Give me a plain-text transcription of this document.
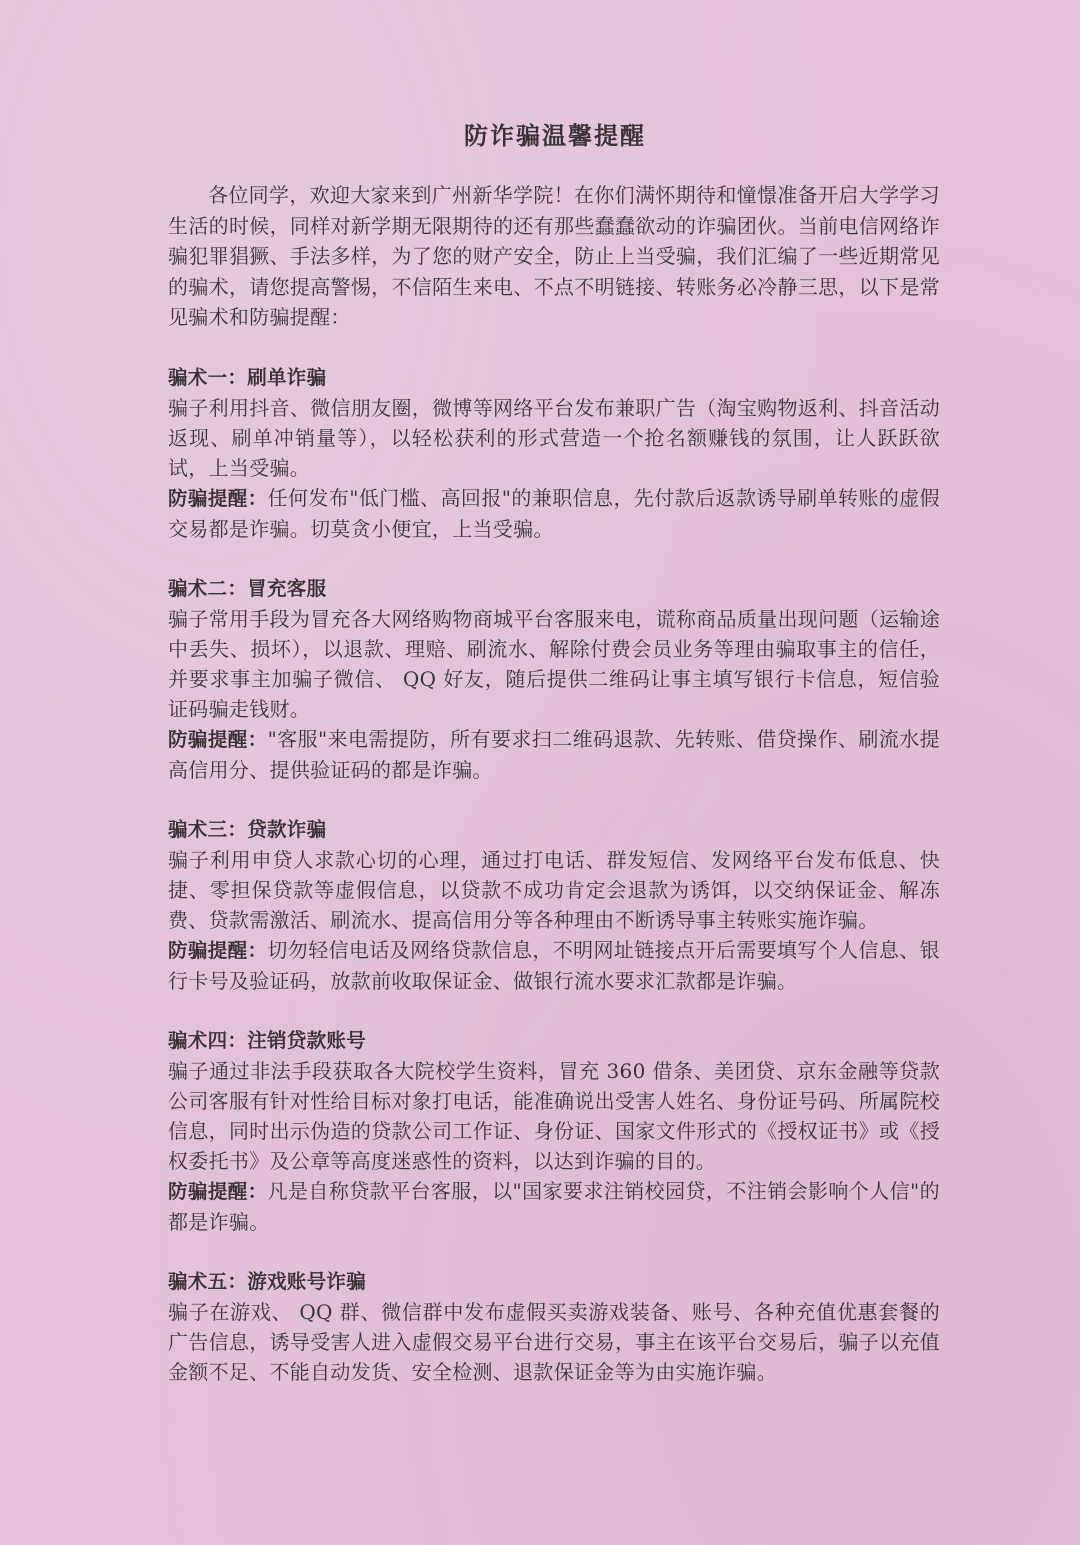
防诈骗温馨提醒

各位同学，欢迎大家来到广州新华学院！在你们满怀期待和憧憬准备开启大学学习生活的时候，同样对新学期无限期待的还有那些蠢蠢欲动的诈骗团伙。当前电信网络诈骗犯罪猖獗、手法多样，为了您的财产安全，防止上当受骗，我们汇编了一些近期常见的骗术，请您提高警惕，不信陌生来电、不点不明链接、转账务必冷静三思，以下是常见骗术和防骗提醒：

骗术一：刷单诈骗

骗子利用抖音、微信朋友圈，微博等网络平台发布兼职广告（淘宝购物返利、抖音活动返现、刷单冲销量等），以轻松获利的形式营造一个抢名额赚钱的氛围，让人跃跃欲试，上当受骗。

防骗提醒：任何发布"低门槛、高回报"的兼职信息，先付款后返款诱导刷单转账的虚假交易都是诈骗。切莫贪小便宜，上当受骗。

骗术二：冒充客服

骗子常用手段为冒充各大网络购物商城平台客服来电，谎称商品质量出现问题（运输途中丢失、损坏），以退款、理赔、刷流水、解除付费会员业务等理由骗取事主的信任，并要求事主加骗子微信、 QQ 好友，随后提供二维码让事主填写银行卡信息，短信验证码骗走钱财。

防骗提醒："客服"来电需提防，所有要求扫二维码退款、先转账、借贷操作、刷流水提高信用分、提供验证码的都是诈骗。

骗术三：贷款诈骗

骗子利用申贷人求款心切的心理，通过打电话、群发短信、发网络平台发布低息、快捷、零担保贷款等虚假信息，以贷款不成功肯定会退款为诱饵，以交纳保证金、解冻费、贷款需激活、刷流水、提高信用分等各种理由不断诱导事主转账实施诈骗。

防骗提醒：切勿轻信电话及网络贷款信息，不明网址链接点开后需要填写个人信息、银行卡号及验证码，放款前收取保证金、做银行流水要求汇款都是诈骗。

骗术四：注销贷款账号

骗子通过非法手段获取各大院校学生资料，冒充 360 借条、美团贷、京东金融等贷款公司客服有针对性给目标对象打电话，能准确说出受害人姓名、身份证号码、所属院校信息，同时出示伪造的贷款公司工作证、身份证、国家文件形式的《授权证书》或《授权委托书》及公章等高度迷惑性的资料，以达到诈骗的目的。

防骗提醒：凡是自称贷款平台客服，以"国家要求注销校园贷，不注销会影响个人信"的都是诈骗。

骗术五：游戏账号诈骗

骗子在游戏、 QQ 群、微信群中发布虚假买卖游戏装备、账号、各种充值优惠套餐的广告信息，诱导受害人进入虚假交易平台进行交易，事主在该平台交易后，骗子以充值金额不足、不能自动发货、安全检测、退款保证金等为由实施诈骗。
